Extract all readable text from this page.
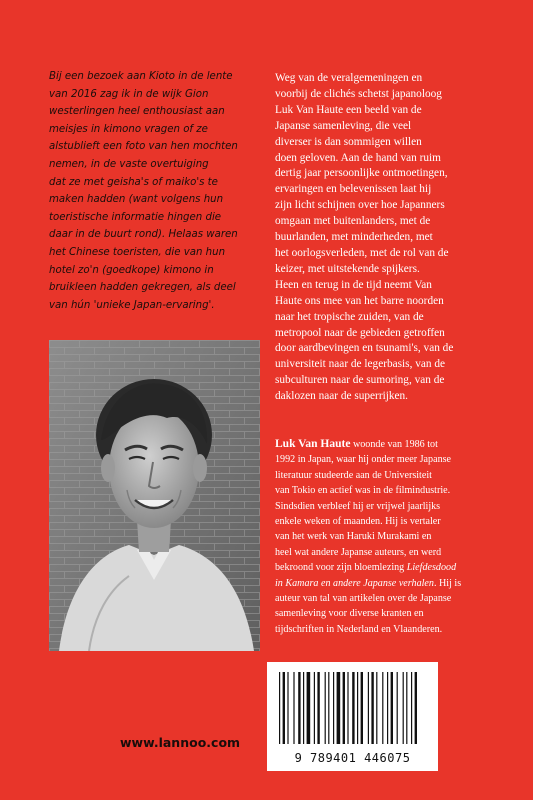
Bij een bezoek aan Kioto in de lente
van 2016 zag ik in de wijk Gion
westerlingen heel enthousiast aan
meisjes in kimono vragen of ze
alstublieft een foto van hen mochten
nemen, in de vaste overtuiging
dat ze met geisha's of maiko's te
maken hadden (want volgens hun
toeristische informatie hingen die
daar in de buurt rond). Helaas waren
het Chinese toeristen, die van hun
hotel zo'n (goedkope) kimono in
bruikleen hadden gekregen, als deel
van hún 'unieke Japan-ervaring'.
Weg van de veralgemeningen en
voorbij de clichés schetst japanoloog
Luk Van Haute een beeld van de
Japanse samenleving, die veel
diverser is dan sommigen willen
doen geloven. Aan de hand van ruim
dertig jaar persoonlijke ontmoetingen,
ervaringen en belevenissen laat hij
zijn licht schijnen over hoe Japanners
omgaan met buitenlanders, met de
buurlanden, met minderheden, met
het oorlogsverleden, met de rol van de
keizer, met uitstekende spijkers.
Heen en terug in de tijd neemt Van
Haute ons mee van het barre noorden
naar het tropische zuiden, van de
metropool naar de gebieden getroffen
door aardbevingen en tsunami's, van de
universiteit naar de legerbasis, van de
subculturen naar de sumoring, van de
daklozen naar de superrijken.
Luk Van Haute woonde van 1986 tot
1992 in Japan, waar hij onder meer Japanse
literatuur studeerde aan de Universiteit
van Tokio en actief was in de filmindustrie.
Sindsdien verbleef hij er vrijwel jaarlijks
enkele weken of maanden. Hij is vertaler
van het werk van Haruki Murakami en
heel wat andere Japanse auteurs, en werd
bekroond voor zijn bloemlezing Liefdesdood
in Kamara en andere Japanse verhalen. Hij is
auteur van tal van artikelen over de Japanse
samenleving voor diverse kranten en
tijdschriften in Nederland en Vlaanderen.
9 789401 446075
www.lannoo.com
